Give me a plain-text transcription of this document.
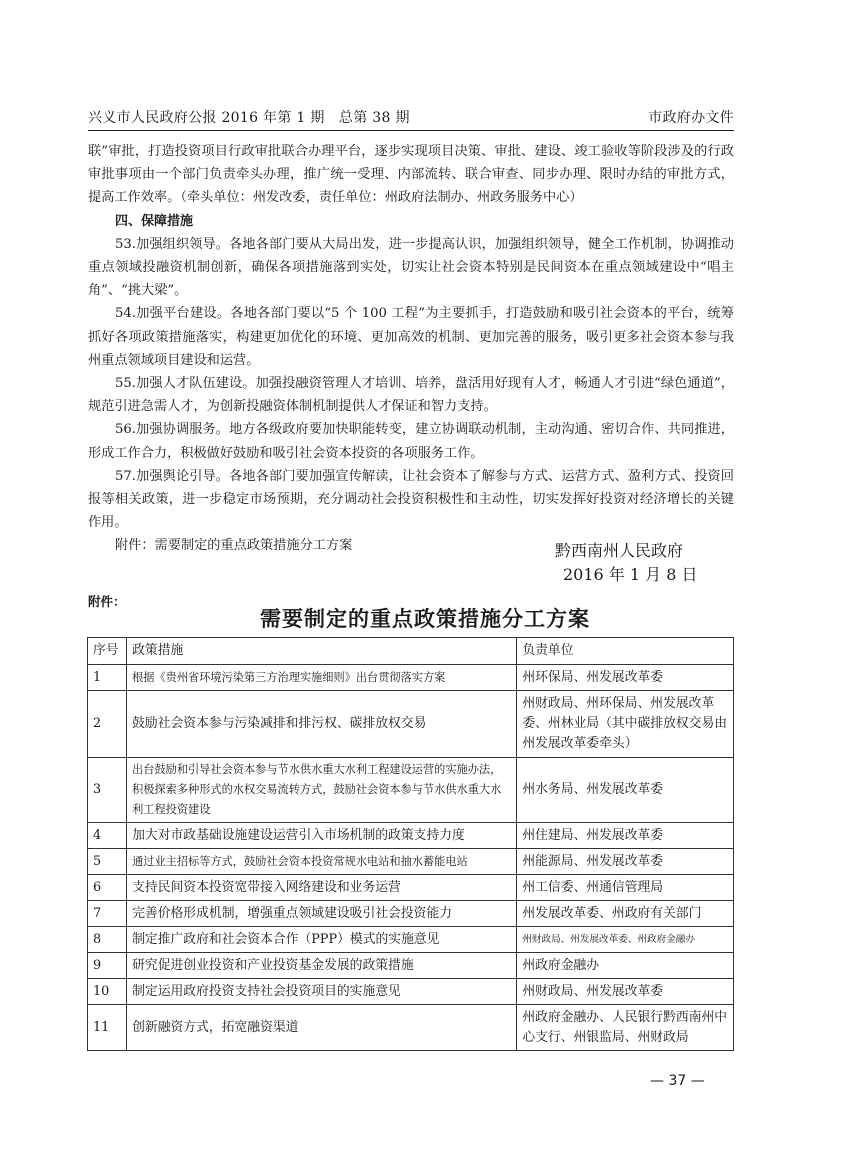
兴义市人民政府公报 2016 年第 1 期　总第 38 期	市政府办文件

联”审批，打造投资项目行政审批联合办理平台，逐步实现项目决策、审批、建设、竣工验收等阶段涉及的行政审批事项由一个部门负责牵头办理，推广统一受理、内部流转、联合审查、同步办理、限时办结的审批方式，提高工作效率。（牵头单位：州发改委，责任单位：州政府法制办、州政务服务中心）

四、保障措施

53.加强组织领导。各地各部门要从大局出发，进一步提高认识，加强组织领导，健全工作机制，协调推动重点领域投融资机制创新，确保各项措施落到实处，切实让社会资本特别是民间资本在重点领域建设中“唱主角”、“挑大梁”。

54.加强平台建设。各地各部门要以“5 个 100 工程”为主要抓手，打造鼓励和吸引社会资本的平台，统筹抓好各项政策措施落实，构建更加优化的环境、更加高效的机制、更加完善的服务，吸引更多社会资本参与我州重点领域项目建设和运营。

55.加强人才队伍建设。加强投融资管理人才培训、培养，盘活用好现有人才，畅通人才引进“绿色通道”，规范引进急需人才，为创新投融资体制机制提供人才保证和智力支持。

56.加强协调服务。地方各级政府要加快职能转变，建立协调联动机制，主动沟通、密切合作、共同推进，形成工作合力，积极做好鼓励和吸引社会资本投资的各项服务工作。

57.加强舆论引导。各地各部门要加强宣传解读，让社会资本了解参与方式、运营方式、盈利方式、投资回报等相关政策，进一步稳定市场预期，充分调动社会投资积极性和主动性，切实发挥好投资对经济增长的关键作用。

附件：需要制定的重点政策措施分工方案	黔西南州人民政府
2016 年 1 月 8 日
附件：
需要制定的重点政策措施分工方案
序号	政策措施	负责单位
1	根据《贵州省环境污染第三方治理实施细则》出台贯彻落实方案	州环保局、州发展改革委
2	鼓励社会资本参与污染减排和排污权、碳排放权交易	州财政局、州环保局、州发展改革委、州林业局（其中碳排放权交易由州发展改革委牵头）
3	出台鼓励和引导社会资本参与节水供水重大水利工程建设运营的实施办法，积极探索多种形式的水权交易流转方式，鼓励社会资本参与节水供水重大水利工程投资建设	州水务局、州发展改革委
4	加大对市政基础设施建设运营引入市场机制的政策支持力度	州住建局、州发展改革委
5	通过业主招标等方式，鼓励社会资本投资常规水电站和抽水蓄能电站	州能源局、州发展改革委
6	支持民间资本投资宽带接入网络建设和业务运营	州工信委、州通信管理局
7	完善价格形成机制，增强重点领域建设吸引社会投资能力	州发展改革委、州政府有关部门
8	制定推广政府和社会资本合作（PPP）模式的实施意见	州财政局、州发展改革委、州政府金融办
9	研究促进创业投资和产业投资基金发展的政策措施	州政府金融办
10	制定运用政府投资支持社会投资项目的实施意见	州财政局、州发展改革委
11	创新融资方式，拓宽融资渠道	州政府金融办、人民银行黔西南州中心支行、州银监局、州财政局
— 37 —
